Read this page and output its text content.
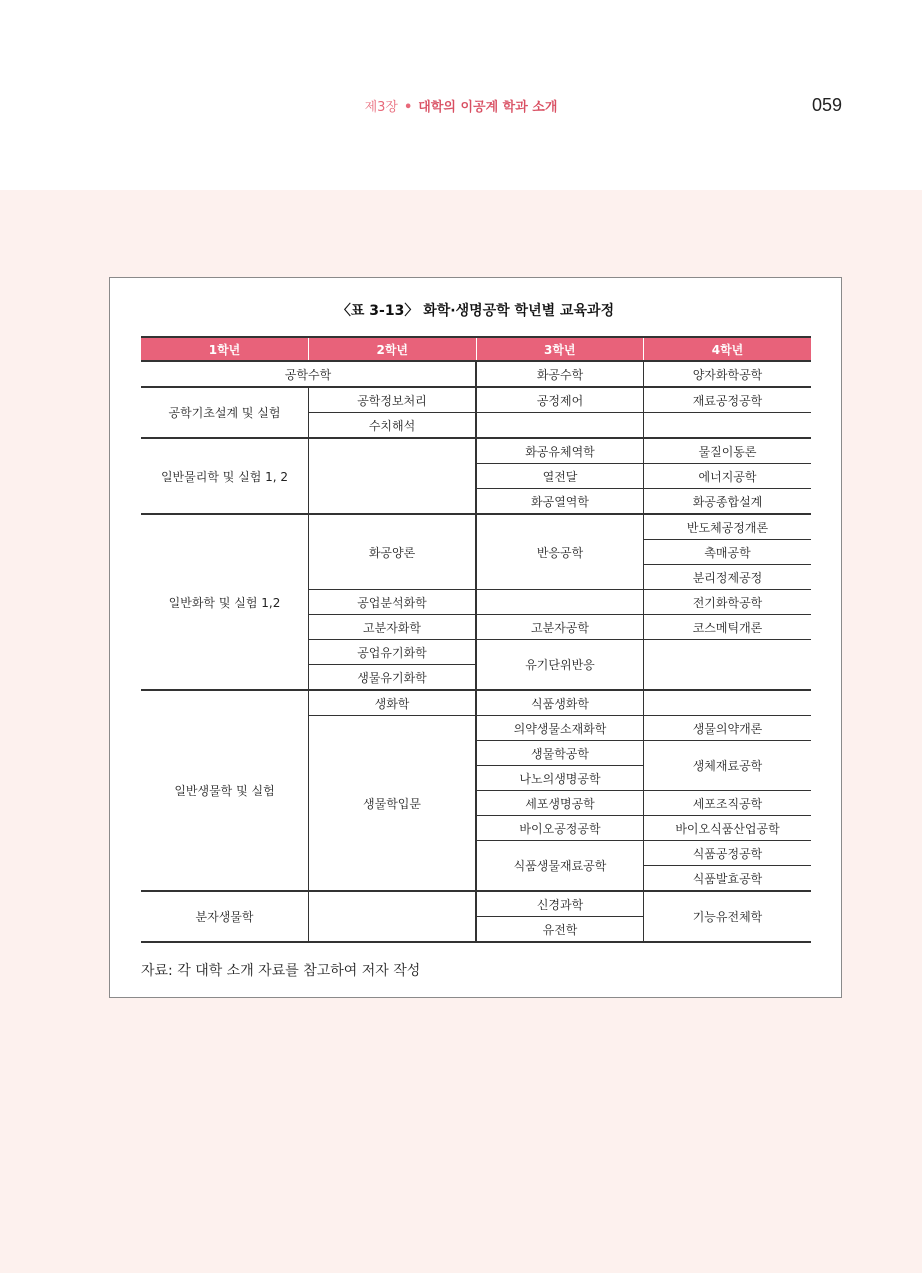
제3장 • 대학의 이공계 학과 소개	059
〈표 3-13〉 화학·생명공학 학년별 교육과정
1학년	2학년	3학년	4학년
공학수학		화공수학	양자화학공학
공학기초설계 및 실험	공학정보처리	공정제어	재료공정공학
	수치해석		
일반물리학 및 실험 1, 2		화공유체역학	물질이동론
		열전달	에너지공학
		화공열역학	화공종합설계
일반화학 및 실험 1,2	화공양론	반응공학	반도체공정개론
			촉매공학
			분리정제공정
	공업분석화학		전기화학공학
	고분자화학	고분자공학	코스메틱개론
	공업유기화학	유기단위반응	
	생물유기화학		
일반생물학 및 실험	생화학	식품생화학	
	생물학입문	의약생물소재화학	생물의약개론
		생물학공학	생체재료공학
		나노의생명공학	
		세포생명공학	세포조직공학
		바이오공정공학	바이오식품산업공학
		식품생물재료공학	식품공정공학
			식품발효공학
분자생물학		신경과학	기능유전체학
		유전학	
자료: 각 대학 소개 자료를 참고하여 저자 작성
